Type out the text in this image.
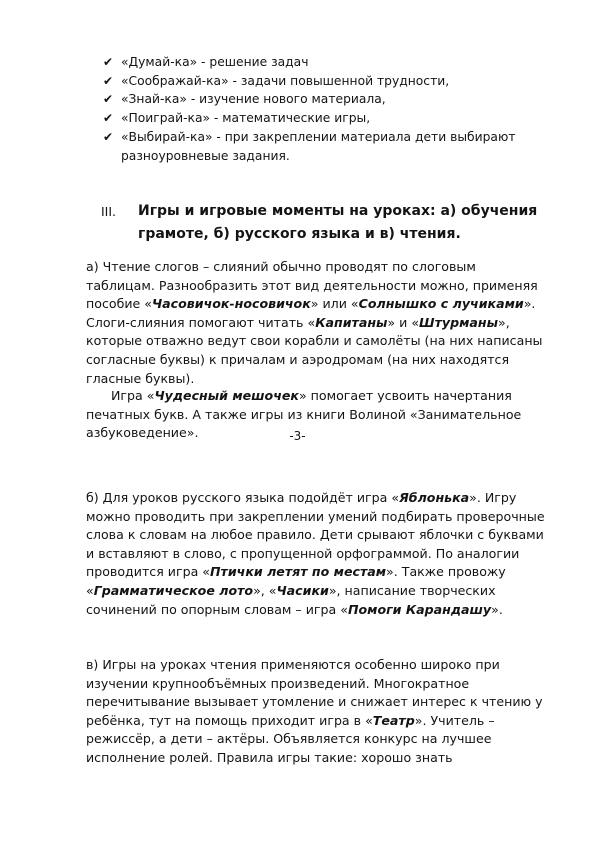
✔ «Думай-ка» - решение задач
✔ «Соображай-ка» - задачи повышенной трудности,
✔ «Знай-ка» - изучение нового материала,
✔ «Поиграй-ка» - математические игры,
✔ «Выбирай-ка» - при закреплении материала дети выбирают разноуровневые задания.
III. Игры и игровые моменты на уроках: а) обучения грамоте, б) русского языка и в) чтения.

а) Чтение слогов – слияний обычно проводят по слоговым таблицам. Разнообразить этот вид деятельности можно, применяя пособие «Часовичок-носовичок» или «Солнышко с лучиками». Слоги-слияния помогают читать «Капитаны» и «Штурманы», которые отважно ведут свои корабли и самолёты (на них написаны согласные буквы) к причалам и аэродромам (на них находятся гласные буквы).

Игра «Чудесный мешочек» помогает усвоить начертания печатных букв. А также игры из книги Волиной «Занимательное азбуковедение».	-3-

б) Для уроков русского языка подойдёт игра «Яблонька». Игру можно проводить при закреплении умений подбирать проверочные слова к словам на любое правило. Дети срывают яблочки с буквами и вставляют в слово, с пропущенной орфограммой. По аналогии проводится игра «Птички летят по местам». Также провожу «Грамматическое лото», «Часики», написание творческих сочинений по опорным словам – игра «Помоги Карандашу».

в) Игры на уроках чтения применяются особенно широко при изучении крупнообъёмных произведений. Многократное перечитывание вызывает утомление и снижает интерес к чтению у ребёнка, тут на помощь приходит игра в «Театр». Учитель – режиссёр, а дети – актёры. Объявляется конкурс на лучшее исполнение ролей. Правила игры такие: хорошо знать
